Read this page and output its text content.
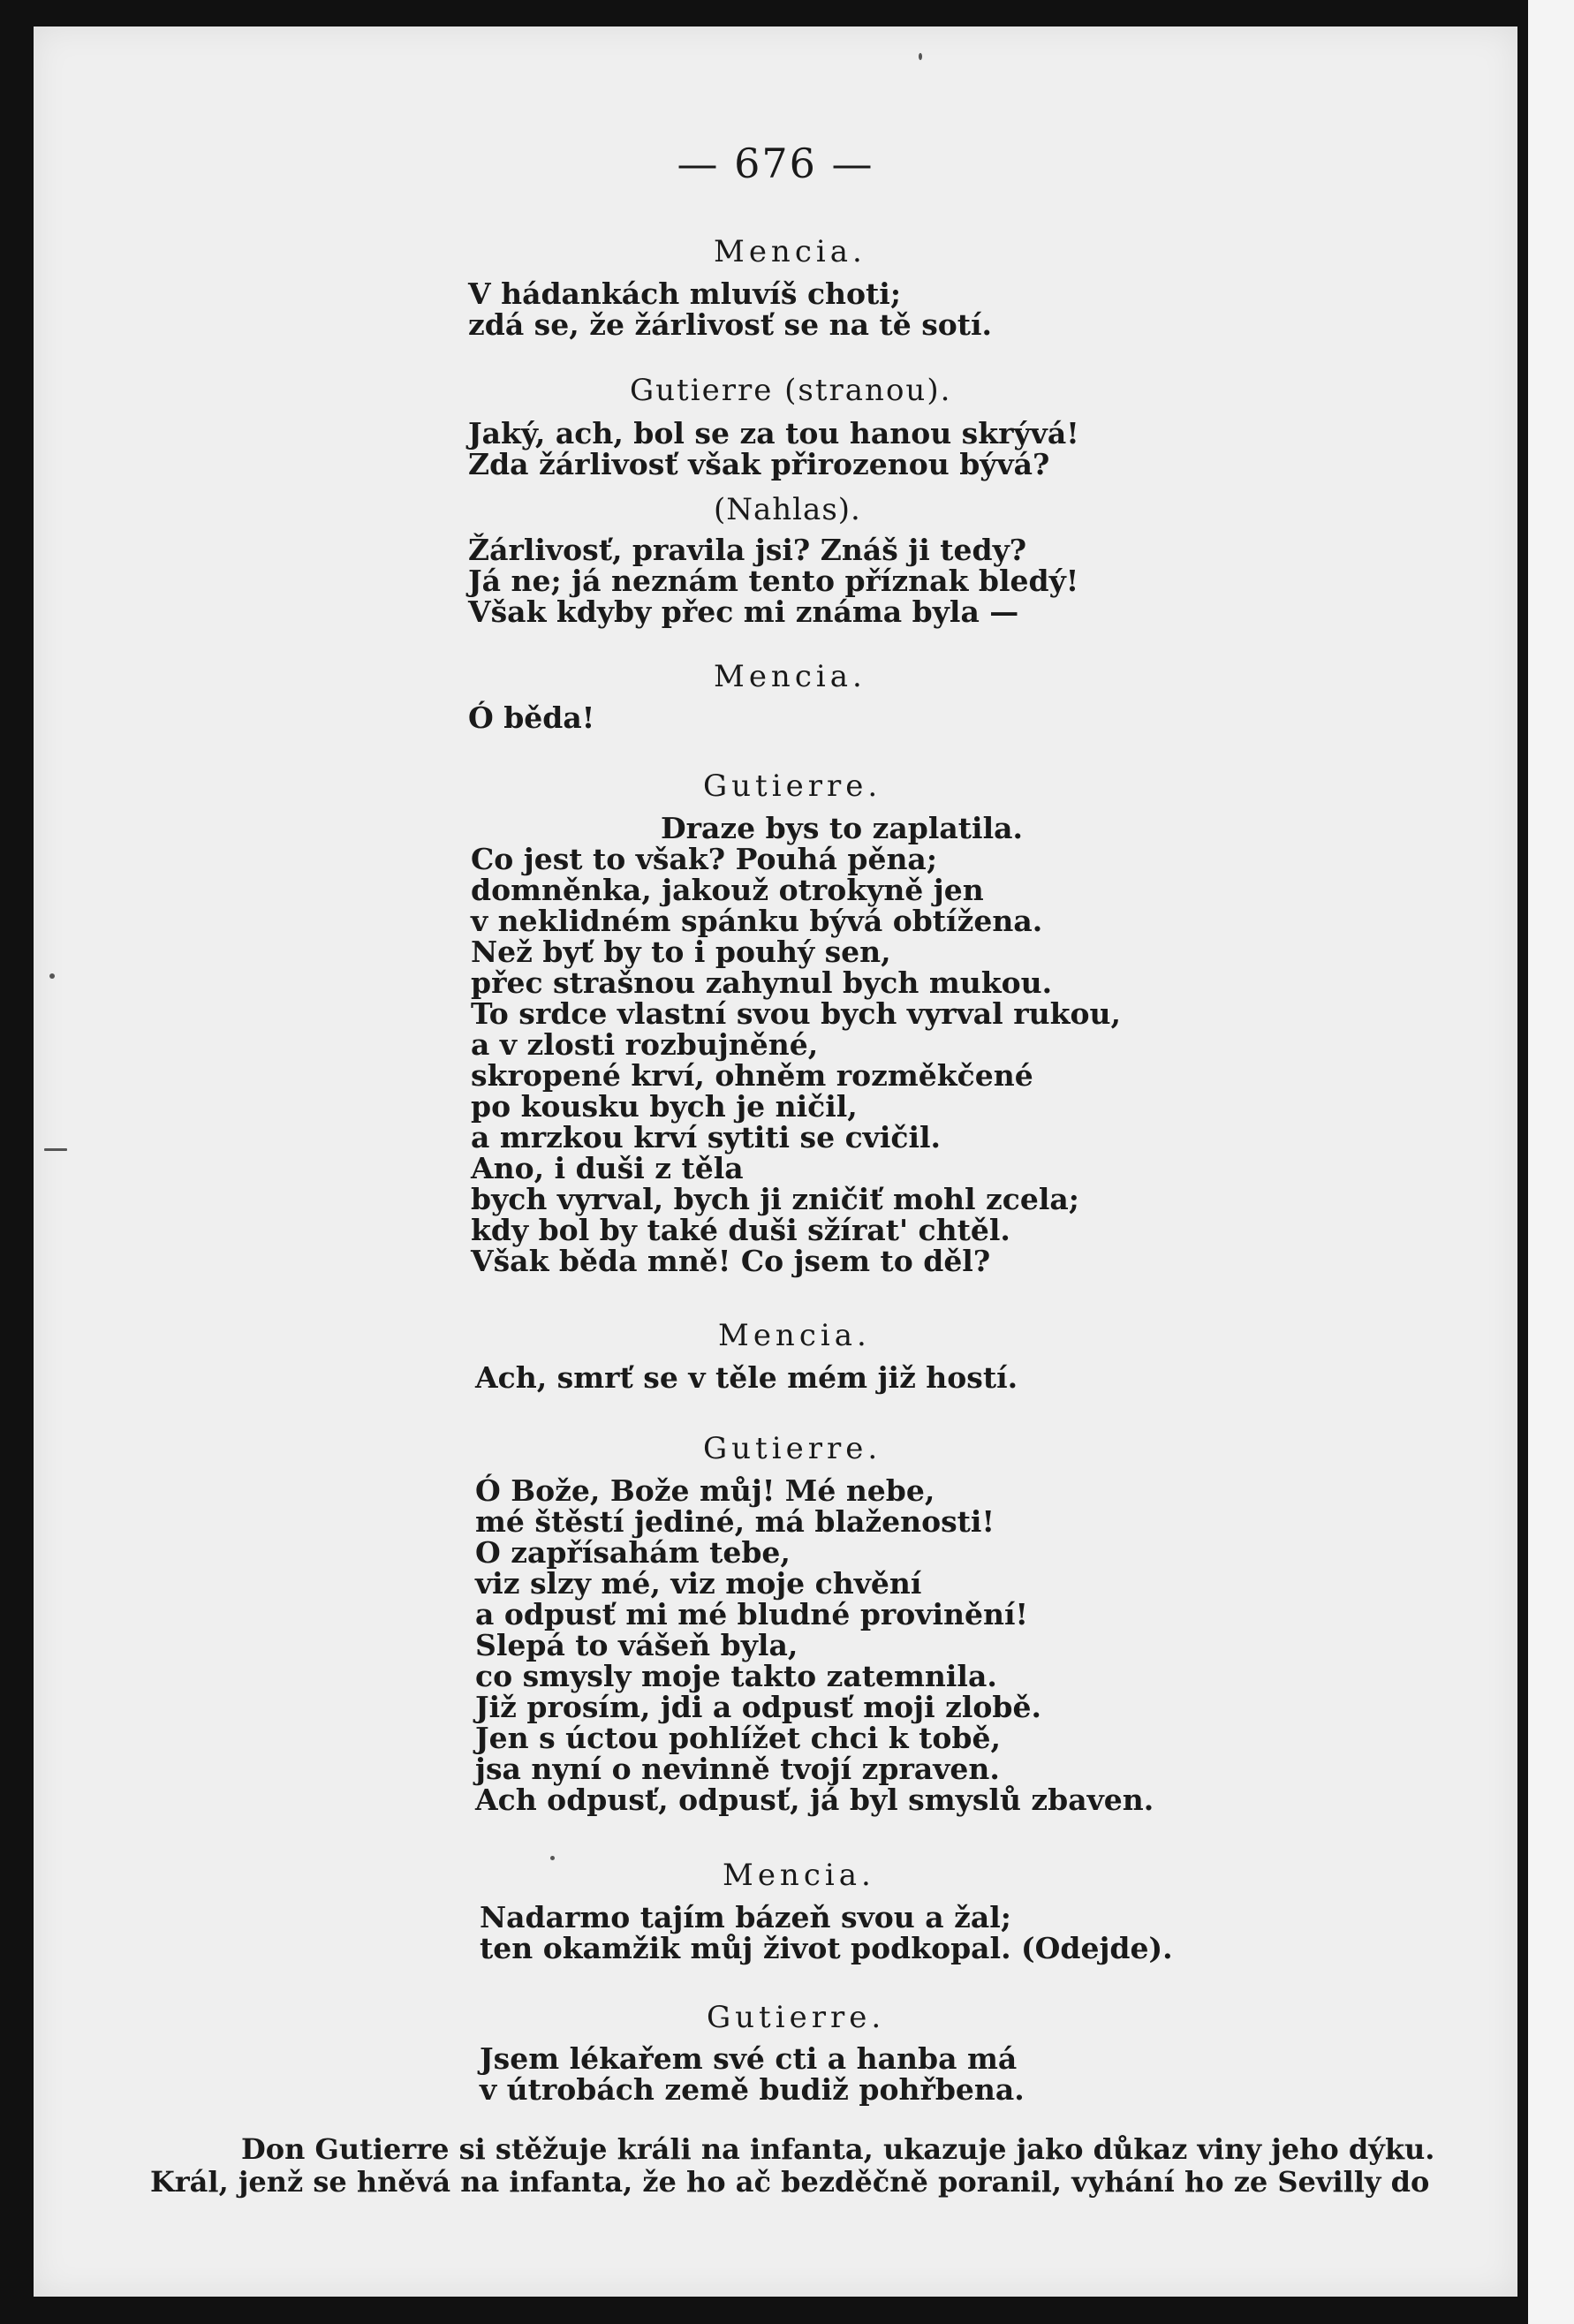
— 676 —
Mencia.
V hádankách mluvíš choti;
zdá se, že žárlivosť se na tě sotí.
Gutierre (stranou).
Jaký, ach, bol se za tou hanou skrývá!
Zda žárlivosť však přirozenou bývá?
(Nahlas).
Žárlivosť, pravila jsi? Znáš ji tedy?
Já ne; já neznám tento příznak bledý!
Však kdyby přec mi známa byla —
Mencia.
Ó běda!
Gutierre.
Draze bys to zaplatila.
Co jest to však? Pouhá pěna;
domněnka, jakouž otrokyně jen
v neklidném spánku bývá obtížena.
Než byť by to i pouhý sen,
přec strašnou zahynul bych mukou.
To srdce vlastní svou bych vyrval rukou,
a v zlosti rozbujněné,
skropené krví, ohněm rozměkčené
po kousku bych je ničil,
a mrzkou krví sytiti se cvičil.
Ano, i duši z těla
bych vyrval, bych ji zničiť mohl zcela;
kdy bol by také duši sžírat' chtěl.
Však běda mně! Co jsem to děl?
Mencia.
Ach, smrť se v těle mém již hostí.
Gutierre.
Ó Bože, Bože můj! Mé nebe,
mé štěstí jediné, má blaženosti!
O zapřísahám tebe,
viz slzy mé, viz moje chvění
a odpusť mi mé bludné provinění!
Slepá to vášeň byla,
co smysly moje takto zatemnila.
Již prosím, jdi a odpusť moji zlobě.
Jen s úctou pohlížet chci k tobě,
jsa nyní o nevinně tvojí zpraven.
Ach odpusť, odpusť, já byl smyslů zbaven.
Mencia.
Nadarmo tajím bázeň svou a žal;
ten okamžik můj život podkopal. (Odejde).
Gutierre.
Jsem lékařem své cti a hanba má
v útrobách země budiž pohřbena.
Don Gutierre si stěžuje králi na infanta, ukazuje jako důkaz viny jeho dýku.
Král, jenž se hněvá na infanta, že ho ač bezděčně poranil, vyhání ho ze Sevilly do
